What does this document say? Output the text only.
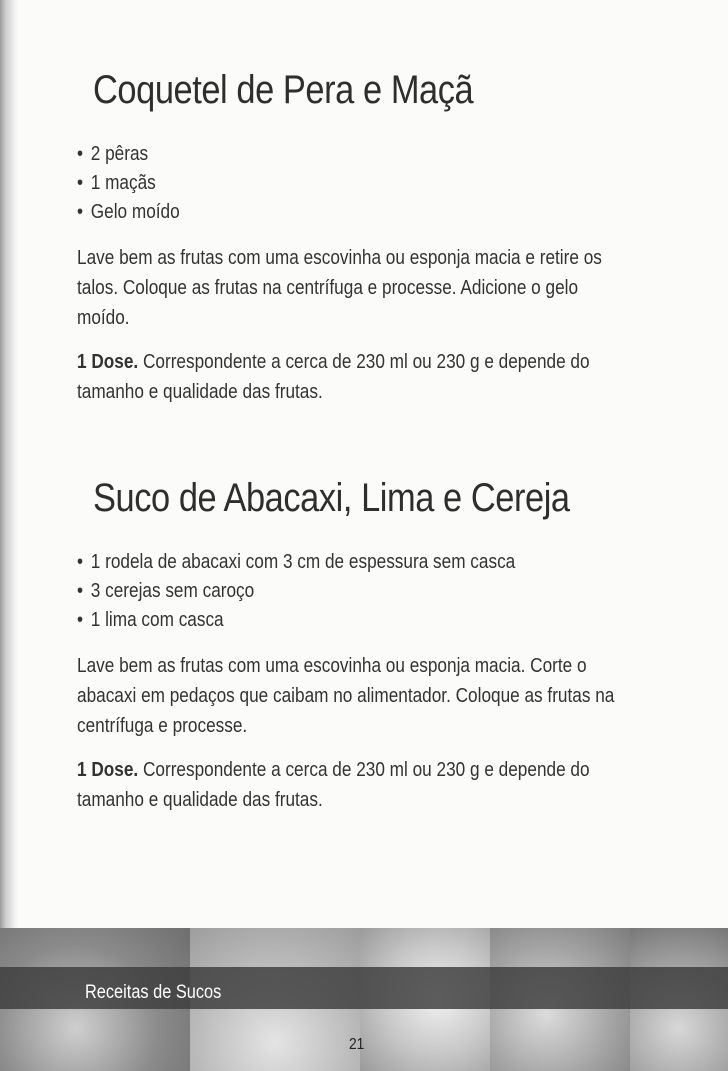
Coquetel de Pera e Maçã
• 2 pêras
• 1 maçãs
• Gelo moído

Lave bem as frutas com uma escovinha ou esponja macia e retire os talos. Coloque as frutas na centrífuga e processe. Adicione o gelo moído.

1 Dose. Correspondente a cerca de 230 ml ou 230 g e depende do tamanho e qualidade das frutas.

Suco de Abacaxi, Lima e Cereja
• 1 rodela de abacaxi com 3 cm de espessura sem casca
• 3 cerejas sem caroço
• 1 lima com casca

Lave bem as frutas com uma escovinha ou esponja macia. Corte o abacaxi em pedaços que caibam no alimentador. Coloque as frutas na centrífuga e processe.

1 Dose. Correspondente a cerca de 230 ml ou 230 g e depende do tamanho e qualidade das frutas.

Receitas de Sucos
21
